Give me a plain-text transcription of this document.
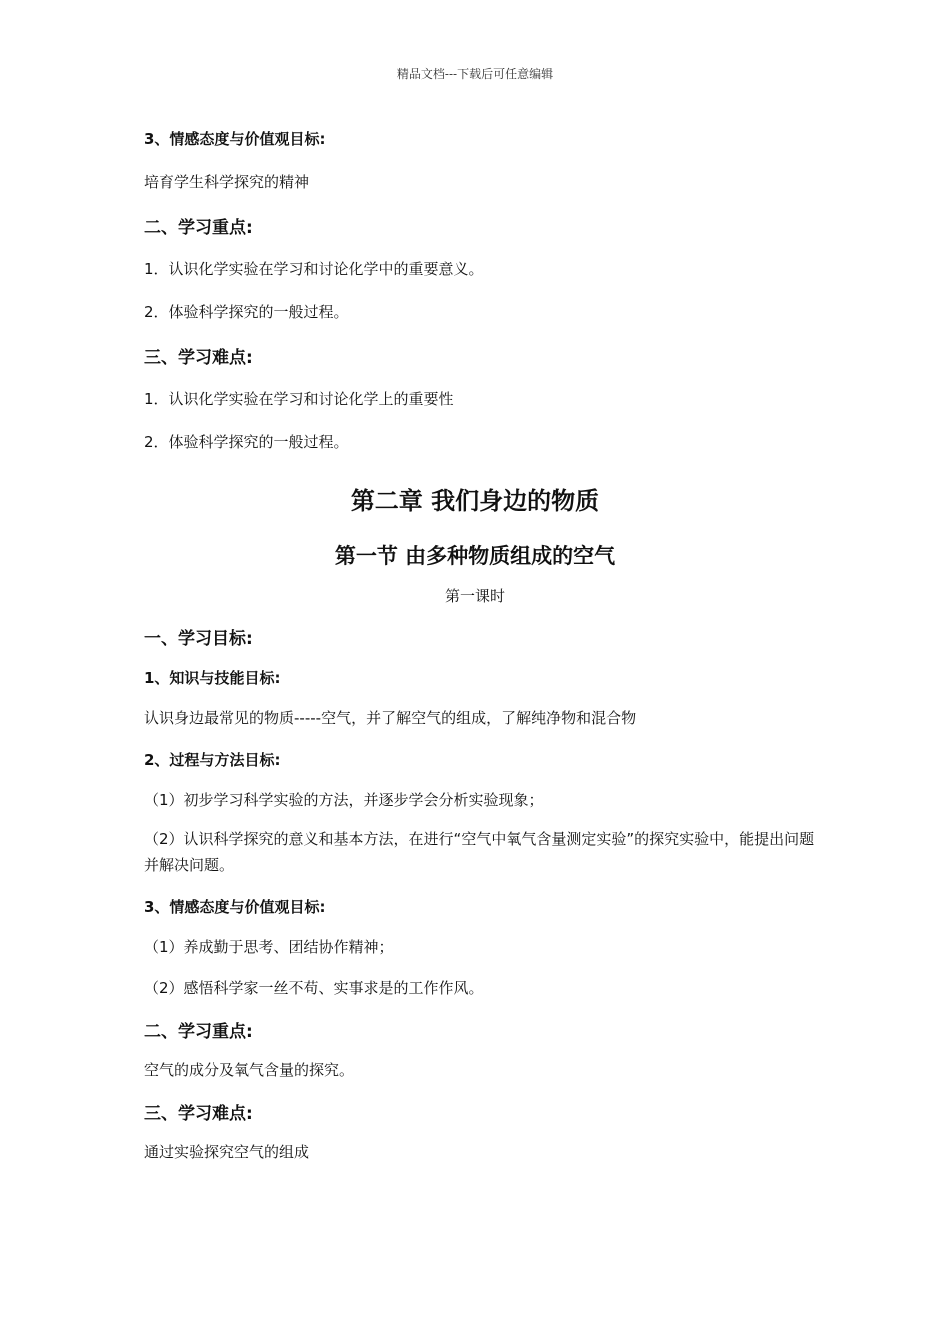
精品文档---下载后可任意编辑
3、情感态度与价值观目标:
培育学生科学探究的精神
二、学习重点:
1．认识化学实验在学习和讨论化学中的重要意义。
2．体验科学探究的一般过程。
三、学习难点:
1．认识化学实验在学习和讨论化学上的重要性
2．体验科学探究的一般过程。
第二章 我们身边的物质
第一节 由多种物质组成的空气
第一课时
一、学习目标:
1、知识与技能目标:
认识身边最常见的物质-----空气，并了解空气的组成，了解纯净物和混合物
2、过程与方法目标:
（1）初步学习科学实验的方法，并逐步学会分析实验现象；
（2）认识科学探究的意义和基本方法，在进行“空气中氧气含量测定实验”的探究实验中，能提出问题并解决问题。
3、情感态度与价值观目标:
（1）养成勤于思考、团结协作精神；
（2）感悟科学家一丝不苟、实事求是的工作作风。
二、学习重点:
空气的成分及氧气含量的探究。
三、学习难点:
通过实验探究空气的组成
